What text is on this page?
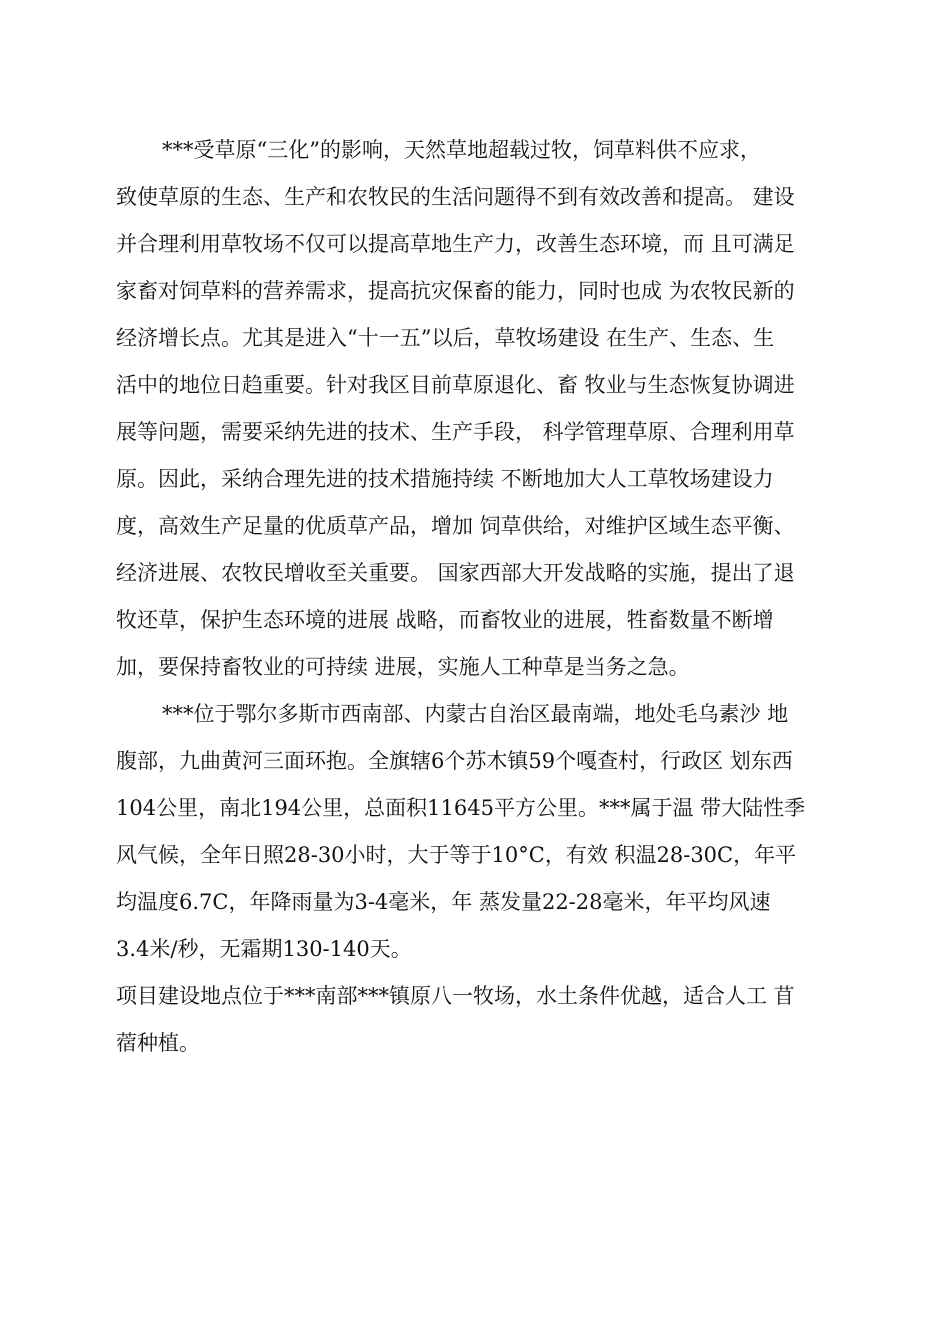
***受草原“三化”的影响，天然草地超载过牧，饲草料供不应求，
致使草原的生态、生产和农牧民的生活问题得不到有效改善和提高。 建设
并合理利用草牧场不仅可以提高草地生产力，改善生态环境，而 且可满足
家畜对饲草料的营养需求，提高抗灾保畜的能力，同时也成 为农牧民新的
经济增长点。尤其是进入“十一五”以后，草牧场建设 在生产、生态、生
活中的地位日趋重要。针对我区目前草原退化、畜 牧业与生态恢复协调进
展等问题，需要采纳先进的技术、生产手段， 科学管理草原、合理利用草
原。因此，采纳合理先进的技术措施持续 不断地加大人工草牧场建设力
度，高效生产足量的优质草产品，增加 饲草供给，对维护区域生态平衡、
经济进展、农牧民增收至关重要。 国家西部大开发战略的实施，提出了退
牧还草，保护生态环境的进展 战略，而畜牧业的进展，牲畜数量不断增
加，要保持畜牧业的可持续 进展，实施人工种草是当务之急。
***位于鄂尔多斯市西南部、内蒙古自治区最南端，地处毛乌素沙 地
腹部，九曲黄河三面环抱。全旗辖6个苏木镇59个嘎查村，行政区 划东西
104公里，南北194公里，总面积11645平方公里。***属于温 带大陆性季
风气候，全年日照28-30小时，大于等于10°C，有效 积温28-30C，年平
均温度6.7C，年降雨量为3-4毫米，年 蒸发量22-28毫米，年平均风速
3.4米/秒，无霜期130-140天。
项目建设地点位于***南部***镇原八一牧场，水土条件优越，适合人工 苜
蓿种植。
